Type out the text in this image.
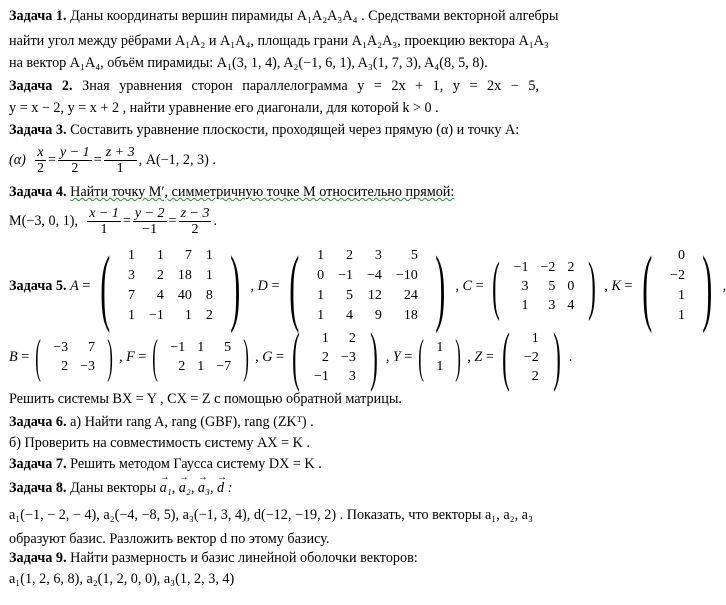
Задача 1. Даны координаты вершин пирамиды A₁A₂A₃A₄ . Средствами векторной алгебры
найти угол между рёбрами A₁A₂ и A₁A₄, площадь грани A₁A₂A₃, проекцию вектора A₁A₃
на вектор A₁A₄, объём пирамиды: A₁(3, 1, 4), A₂(−1, 6, 1), A₃(1, 7, 3), A₄(8, 5, 8).
Задача 2. Зная уравнения сторон параллелограмма y = 2x + 1, y = 2x − 5,
y = x − 2, y = x + 2 , найти уравнение его диагонали, для которой k > 0 .
Задача 3. Составить уравнение плоскости, проходящей через прямую (α) и точку A:
(α)
$\frac{x}{2} = \frac{y - 1}{2} = \frac{z + 3}{1}$ , A(−1, 2, 3) .
Задача 4. Найти точку M′, симметричную точке M относительно прямой:
M(−3, 0, 1),
$\frac{x - 1}{1} = \frac{y - 2}{-1} = \frac{z - 3}{2}$ .
Задача 5.
A = ( 1	1	7	1
3	2	18	1
7	4	40	8
1	−1	1	2 ) , D = ( 1	2	3	5
0	−1	−4	−10
1	5	12	24
1	4	9	18 ) , C = ( −1	−2	2
3	5	0
1	3	4 ) , K = ( 0
−2
1
1 ) ,
B = ( −3	7
2	−3 ) , F = ( −1	1	5
2	1	−7 ) , G = ( 1	2
2	−3
−1	3 ) , Y = ( 1
1 ) , Z = ( 1
−2
2 ) .
Решить системы BX = Y , CX = Z с помощью обратной матрицы.
Задача 6. а) Найти rang A, rang (GBF), rang (ZKᵀ) .
б) Проверить на совместимость систему AX = K .
Задача 7. Решить методом Гаусса систему DX = K .
Задача 8. Даны векторы → a₁, → a₂, → a₃, → d :
a₁(−1, − 2, − 4), a₂(−4, −8, 5), a₃(−1, 3, 4), d(−12, −19, 2) . Показать, что векторы a₁, a₂, a₃
образуют базис. Разложить вектор d по этому базису.
Задача 9. Найти размерность и базис линейной оболочки векторов:
a₁(1, 2, 6, 8), a₂(1, 2, 0, 0), a₃(1, 2, 3, 4)
